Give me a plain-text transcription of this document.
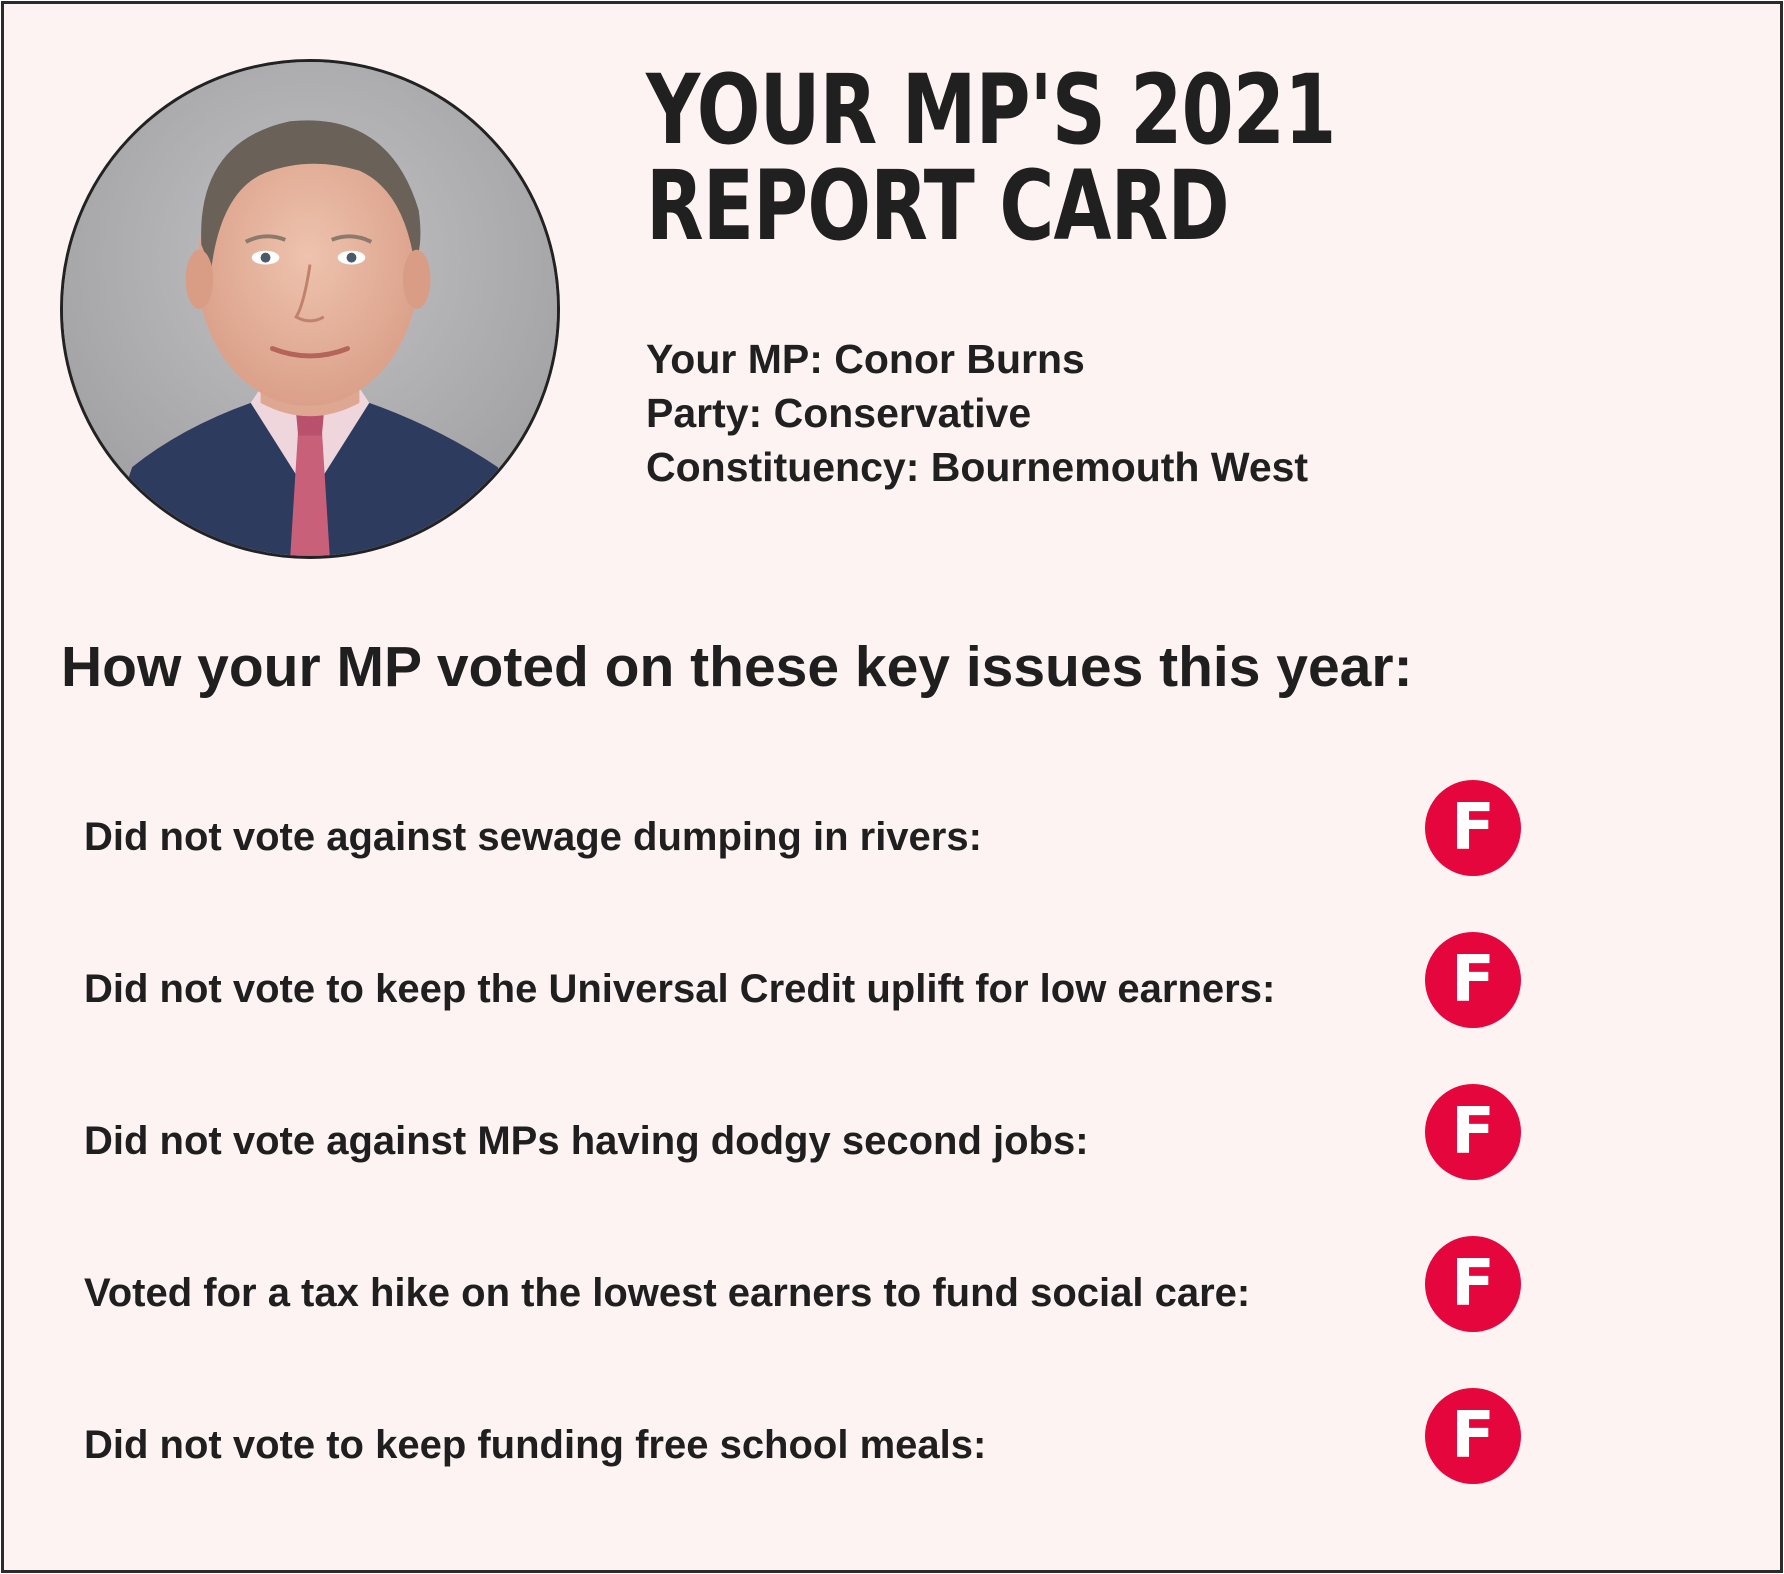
YOUR MP'S 2021 REPORT CARD
Your MP: Conor Burns
Party: Conservative
Constituency: Bournemouth West
How your MP voted on these key issues this year:
Did not vote against sewage dumping in rivers:	F
Did not vote to keep the Universal Credit uplift for low earners:	F
Did not vote against MPs having dodgy second jobs:	F
Voted for a tax hike on the lowest earners to fund social care:	F
Did not vote to keep funding free school meals:	F
